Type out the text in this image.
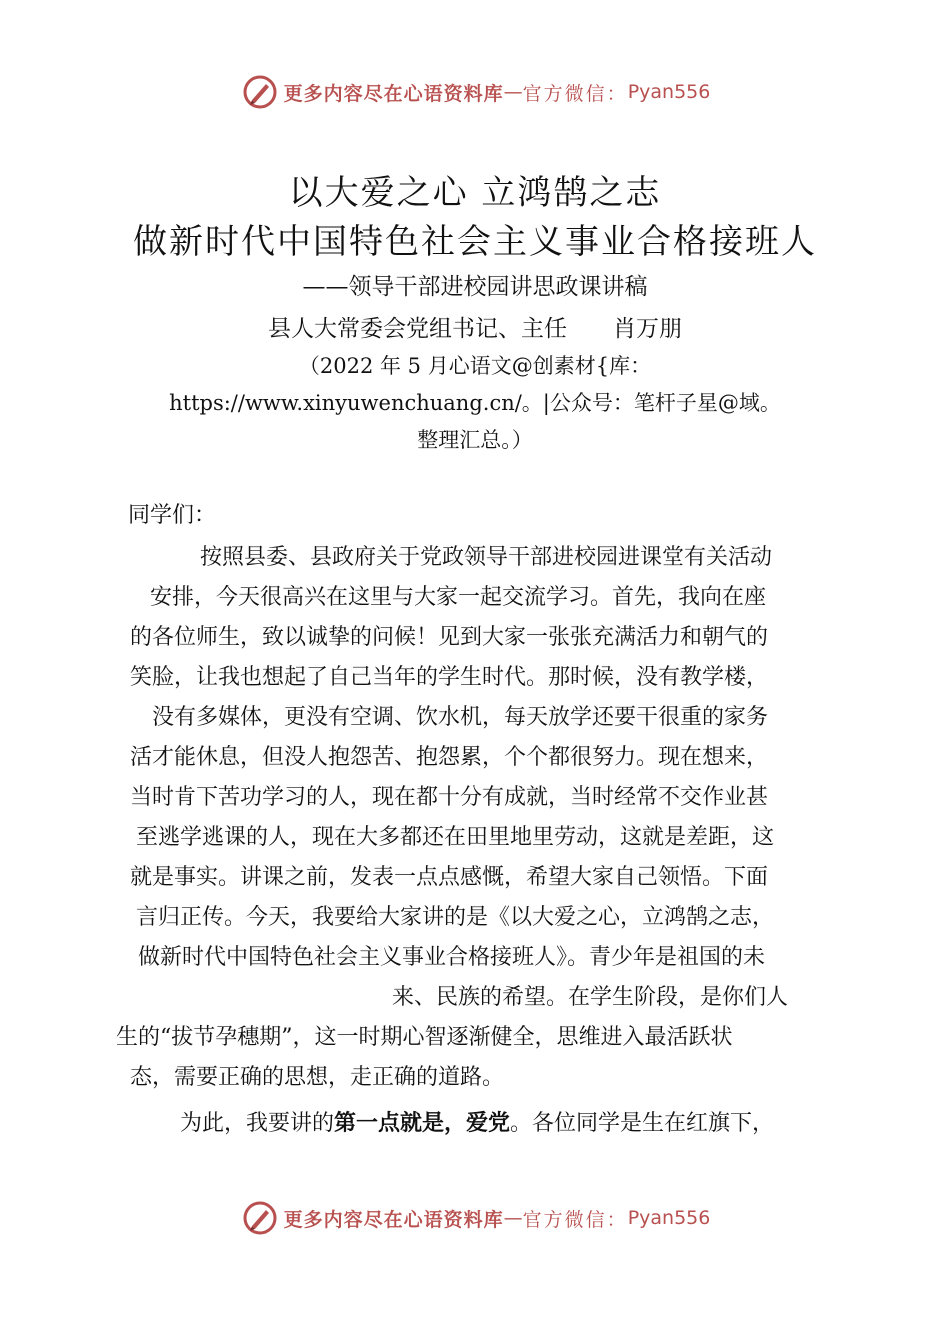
更多内容尽在心语资料库 — 官方微信： Pyan556
以大爱之心 立鸿鹄之志
做新时代中国特色社会主义事业合格接班人
——领导干部进校园讲思政课讲稿
县人大常委会党组书记、主任 肖万朋
（2022 年 5 月心语文@创素材{库：
https://www.xinyuwenchuang.cn/。|公众号：笔杆子星@域。
整理汇总。）
同学们：
按照县委、县政府关于党政领导干部进校园进课堂有关活动
安排，今天很高兴在这里与大家一起交流学习。首先，我向在座
的各位师生，致以诚挚的问候！见到大家一张张充满活力和朝气的
笑脸，让我也想起了自己当年的学生时代。那时候，没有教学楼，
没有多媒体，更没有空调、饮水机，每天放学还要干很重的家务
活才能休息，但没人抱怨苦、抱怨累，个个都很努力。现在想来，
当时肯下苦功学习的人，现在都十分有成就，当时经常不交作业甚
至逃学逃课的人，现在大多都还在田里地里劳动，这就是差距，这
就是事实。讲课之前，发表一点点感慨，希望大家自己领悟。下面
言归正传。今天，我要给大家讲的是《以大爱之心，立鸿鹄之志，
做新时代中国特色社会主义事业合格接班人》。青少年是祖国的未
来、民族的希望。在学生阶段，是你们人
生的“拔节孕穗期”，这一时期心智逐渐健全，思维进入最活跃状
态，需要正确的思想，走正确的道路。
为此，我要讲的第一点就是，爱党。各位同学是生在红旗下，
更多内容尽在心语资料库 — 官方微信： Pyan556
